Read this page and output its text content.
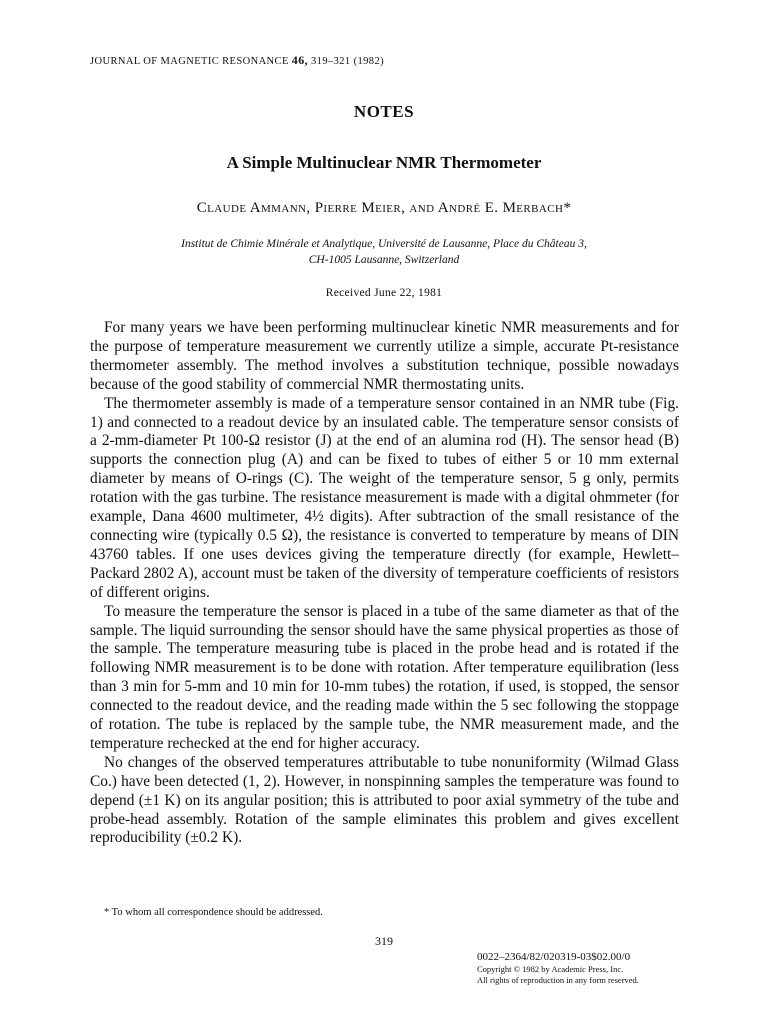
JOURNAL OF MAGNETIC RESONANCE 46, 319–321 (1982)
NOTES
A Simple Multinuclear NMR Thermometer
Claude Ammann, Pierre Meier, and André E. Merbach*
Institut de Chimie Minérale et Analytique, Université de Lausanne, Place du Château 3,
CH-1005 Lausanne, Switzerland
Received June 22, 1981

For many years we have been performing multinuclear kinetic NMR measurements and for the purpose of temperature measurement we currently utilize a simple, accurate Pt-resistance thermometer assembly. The method involves a substitution technique, possible nowadays because of the good stability of commercial NMR thermostating units.

The thermometer assembly is made of a temperature sensor contained in an NMR tube (Fig. 1) and connected to a readout device by an insulated cable. The temperature sensor consists of a 2-mm-diameter Pt 100-Ω resistor (J) at the end of an alumina rod (H). The sensor head (B) supports the connection plug (A) and can be fixed to tubes of either 5 or 10 mm external diameter by means of O-rings (C). The weight of the temperature sensor, 5 g only, permits rotation with the gas turbine. The resistance measurement is made with a digital ohmmeter (for example, Dana 4600 multimeter, 4½ digits). After subtraction of the small resistance of the connecting wire (typically 0.5 Ω), the resistance is converted to temperature by means of DIN 43760 tables. If one uses devices giving the temperature directly (for example, Hewlett–Packard 2802 A), account must be taken of the diversity of temperature coefficients of resistors of different origins.

To measure the temperature the sensor is placed in a tube of the same diameter as that of the sample. The liquid surrounding the sensor should have the same physical properties as those of the sample. The temperature measuring tube is placed in the probe head and is rotated if the following NMR measurement is to be done with rotation. After temperature equilibration (less than 3 min for 5-mm and 10 min for 10-mm tubes) the rotation, if used, is stopped, the sensor connected to the readout device, and the reading made within the 5 sec following the stoppage of rotation. The tube is replaced by the sample tube, the NMR measurement made, and the temperature rechecked at the end for higher accuracy.

No changes of the observed temperatures attributable to tube nonuniformity (Wilmad Glass Co.) have been detected (1, 2). However, in nonspinning samples the temperature was found to depend (±1 K) on its angular position; this is attributed to poor axial symmetry of the tube and probe-head assembly. Rotation of the sample eliminates this problem and gives excellent reproducibility (±0.2 K).

* To whom all correspondence should be addressed.
319
0022–2364/82/020319-03$02.00/0
Copyright © 1982 by Academic Press, Inc.
All rights of reproduction in any form reserved.
